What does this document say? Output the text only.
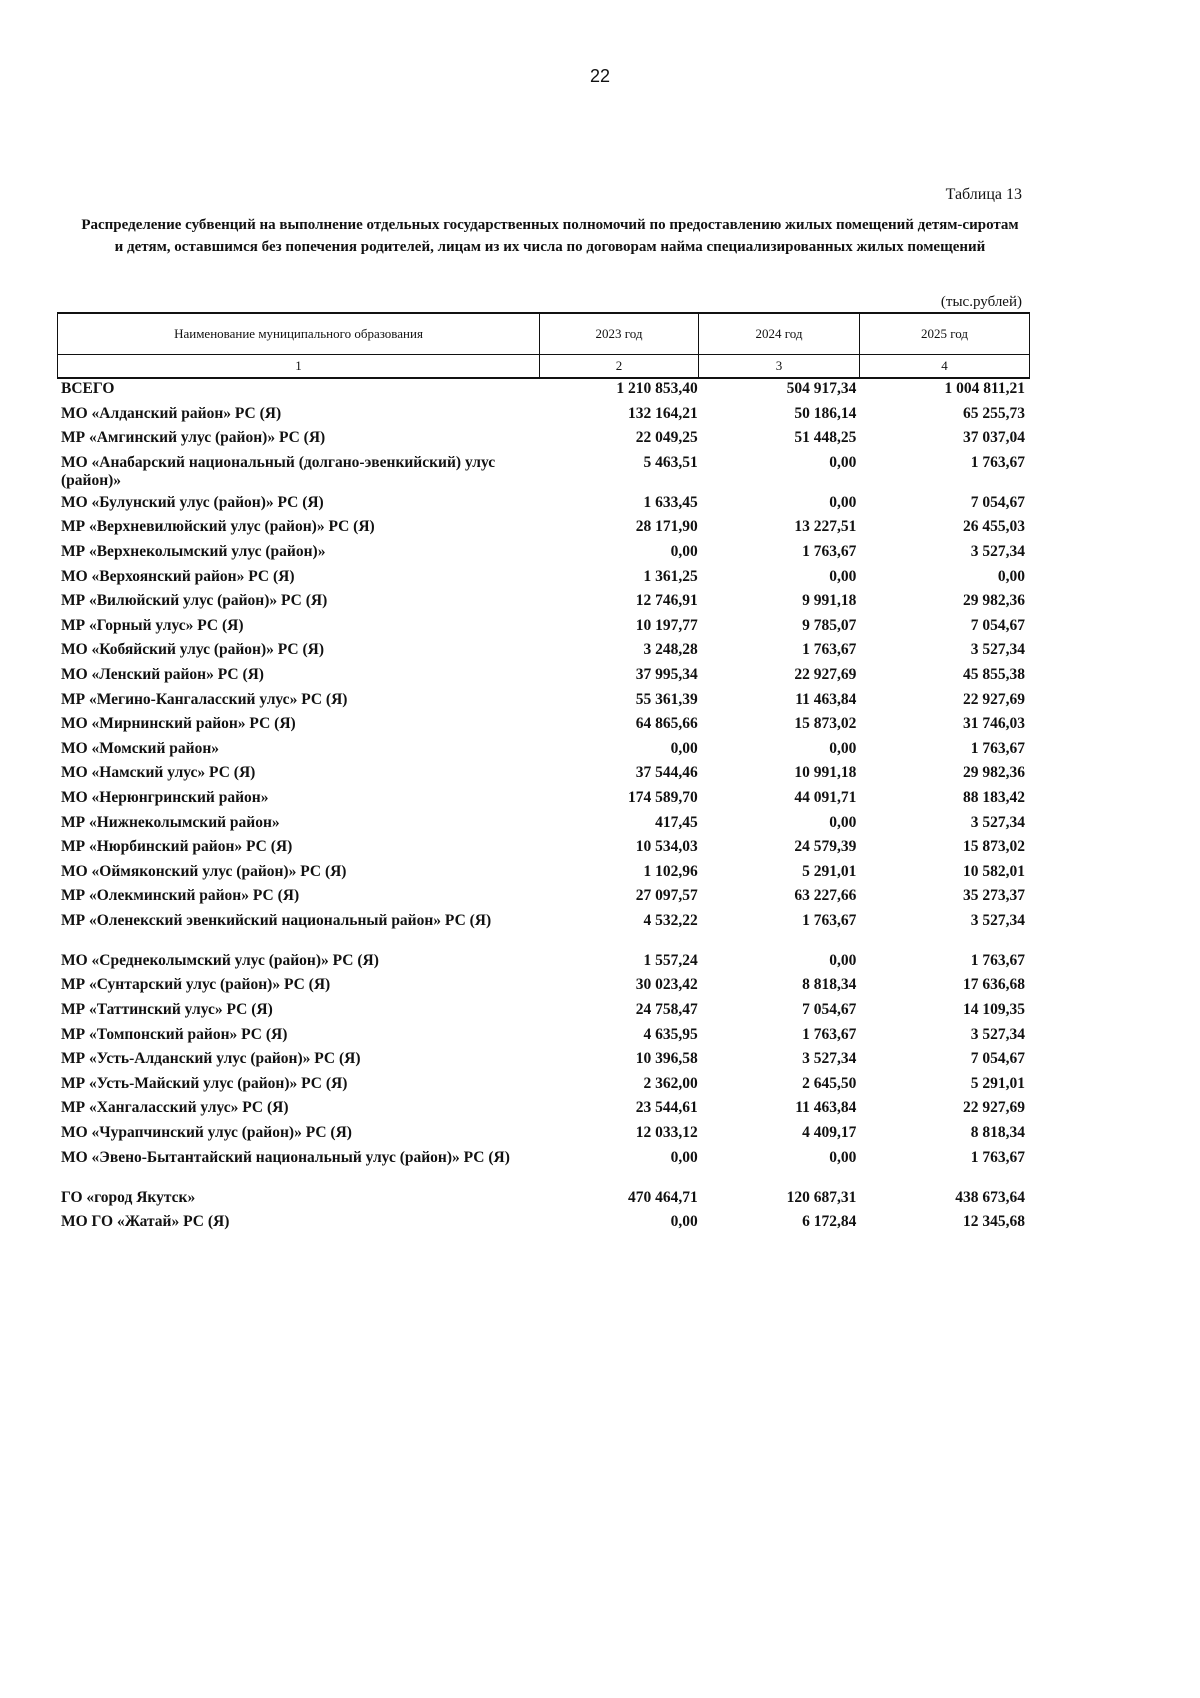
22
Таблица 13
Распределение субвенций на выполнение отдельных государственных полномочий по предоставлению жилых помещений детям-сиротам и детям, оставшимся без попечения родителей, лицам из их числа по договорам найма специализированных жилых помещений
(тыс.рублей)
Наименование муниципального образования	2023 год	2024 год	2025 год
1	2	3	4
ВСЕГО	1 210 853,40	504 917,34	1 004 811,21
МО «Алданский район» РС (Я)	132 164,21	50 186,14	65 255,73
МР «Амгинский улус (район)» РС (Я)	22 049,25	51 448,25	37 037,04
МО «Анабарский национальный (долгано-эвенкийский) улус (район)»
5 463,51	0,00	1 763,67
МО «Булунский улус (район)» РС (Я)	1 633,45	0,00	7 054,67
МР «Верхневилюйский улус (район)» РС (Я)	28 171,90	13 227,51	26 455,03
МР «Верхнеколымский улус (район)»	0,00	1 763,67	3 527,34
МО «Верхоянский район» РС (Я)	1 361,25	0,00	0,00
МР «Вилюйский улус (район)» РС (Я)	12 746,91	9 991,18	29 982,36
МР «Горный улус» РС (Я)	10 197,77	9 785,07	7 054,67
МО «Кобяйский улус (район)» РС (Я)	3 248,28	1 763,67	3 527,34
МО «Ленский район» РС (Я)	37 995,34	22 927,69	45 855,38
МР «Мегино-Кангаласский улус» РС (Я)	55 361,39	11 463,84	22 927,69
МО «Мирнинский район» РС (Я)	64 865,66	15 873,02	31 746,03
МО «Момский район»	0,00	0,00	1 763,67
МО «Намский улус» РС (Я)	37 544,46	10 991,18	29 982,36
МО «Нерюнгринский район»	174 589,70	44 091,71	88 183,42
МР «Нижнеколымский район»	417,45	0,00	3 527,34
МР «Нюрбинский район» РС (Я)	10 534,03	24 579,39	15 873,02
МО «Оймяконский улус (район)» РС (Я)	1 102,96	5 291,01	10 582,01
МР «Олекминский район» РС (Я)	27 097,57	63 227,66	35 273,37
МР «Оленекский эвенкийский национальный район» РС (Я)	4 532,22	1 763,67	3 527,34
МО «Среднеколымский улус (район)» РС (Я)	1 557,24	0,00	1 763,67
МР «Сунтарский улус (район)» РС (Я)	30 023,42	8 818,34	17 636,68
МР «Таттинский улус» РС (Я)	24 758,47	7 054,67	14 109,35
МР «Томпонский район» РС (Я)	4 635,95	1 763,67	3 527,34
МР «Усть-Алданский улус (район)» РС (Я)	10 396,58	3 527,34	7 054,67
МР «Усть-Майский улус (район)» РС (Я)	2 362,00	2 645,50	5 291,01
МР «Хангаласский улус» РС (Я)	23 544,61	11 463,84	22 927,69
МО «Чурапчинский улус (район)» РС (Я)	12 033,12	4 409,17	8 818,34
МО «Эвено-Бытантайский национальный улус (район)» РС (Я)	0,00	0,00	1 763,67
ГО «город Якутск»	470 464,71	120 687,31	438 673,64
МО ГО «Жатай» РС (Я)	0,00	6 172,84	12 345,68
